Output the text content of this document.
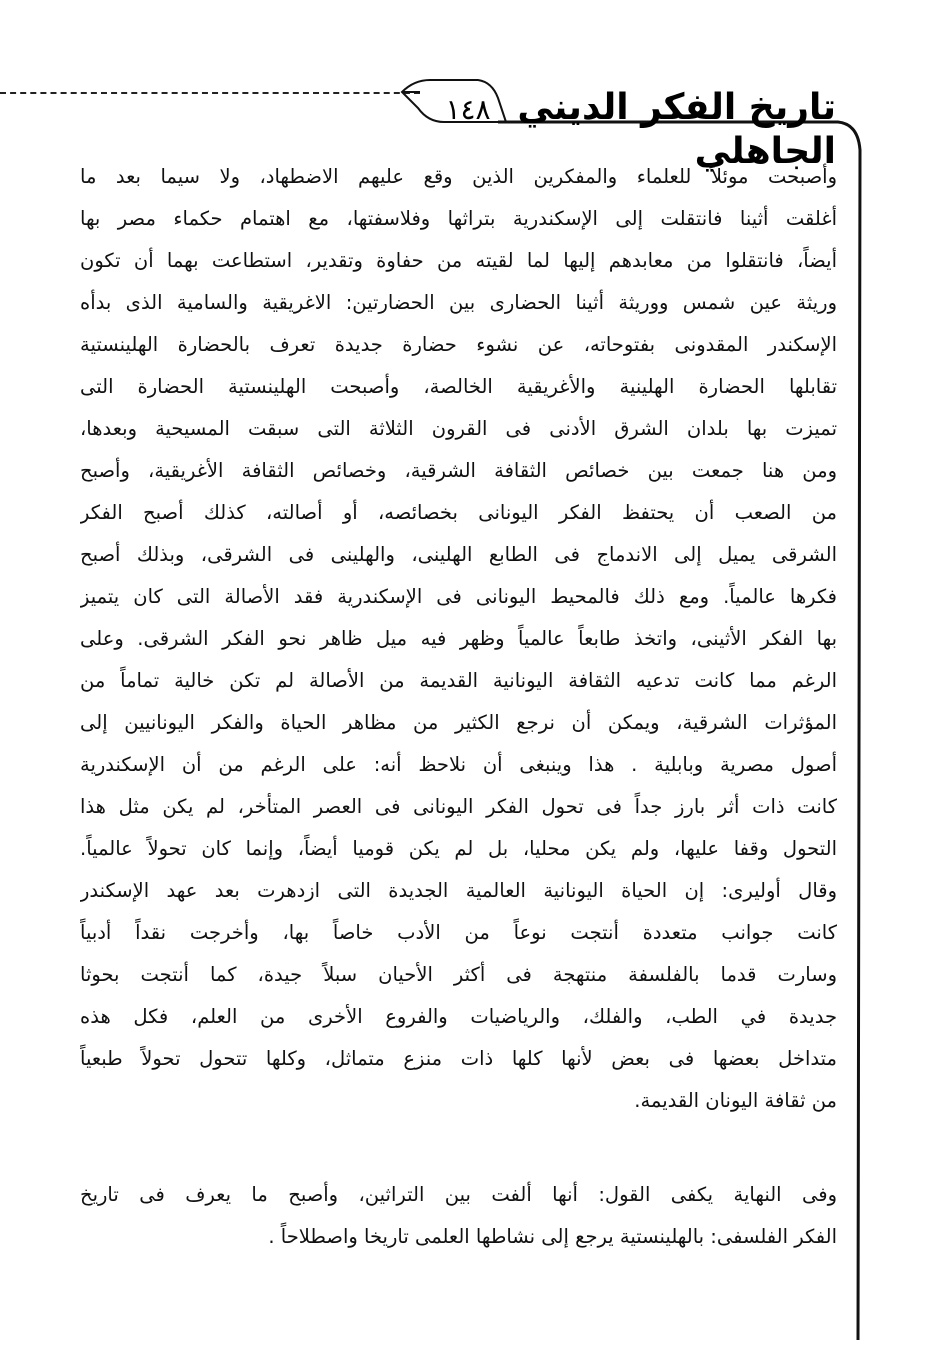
تاريخ الفكر الديني الجاهلي
١٤٨
وأصبحت موئلاً للعلماء والمفكرين الذين وقع عليهم الاضطهاد، ولا سيما بعد ما
أغلقت أثينا فانتقلت إلى الإسكندرية بتراثها وفلاسفتها، مع اهتمام حكماء مصر بها
أيضاً، فانتقلوا من معابدهم إليها لما لقيته من حفاوة وتقدير، استطاعت بهما أن تكون
وريثة عين شمس ووريثة أثينا الحضارى بين الحضارتين: الاغريقية والسامية الذى بدأه
الإسكندر المقدونى بفتوحاته، عن نشوء حضارة جديدة تعرف بالحضارة الهلينستية
تقابلها الحضارة الهلينية والأغريقية الخالصة، وأصبحت الهلينستية الحضارة التى
تميزت بها بلدان الشرق الأدنى فى القرون الثلاثة التى سبقت المسيحية وبعدها،
ومن هنا جمعت بين خصائص الثقافة الشرقية، وخصائص الثقافة الأغريقية، وأصبح
من الصعب أن يحتفظ الفكر اليونانى بخصائصه، أو أصالته، كذلك أصبح الفكر
الشرقى يميل إلى الاندماج فى الطابع الهلينى، والهلينى فى الشرقى، وبذلك أصبح
فكرها عالمياً. ومع ذلك فالمحيط اليونانى فى الإسكندرية فقد الأصالة التى كان يتميز
بها الفكر الأثينى، واتخذ طابعاً عالمياً وظهر فيه ميل ظاهر نحو الفكر الشرقى. وعلى
الرغم مما كانت تدعيه الثقافة اليونانية القديمة من الأصالة لم تكن خالية تماماً من
المؤثرات الشرقية، ويمكن أن نرجع الكثير من مظاهر الحياة والفكر اليونانيين إلى
أصول مصرية وبابلية . هذا وينبغى أن نلاحظ أنه: على الرغم من أن الإسكندرية
كانت ذات أثر بارز جداً فى تحول الفكر اليونانى فى العصر المتأخر، لم يكن مثل هذا
التحول وقفا عليها، ولم يكن محليا، بل لم يكن قوميا أيضاً، وإنما كان تحولاً عالمياً.
وقال أوليرى: إن الحياة اليونانية العالمية الجديدة التى ازدهرت بعد عهد الإسكندر
كانت جوانب متعددة أنتجت نوعاً من الأدب خاصاً بها، وأخرجت نقداً أدبياً
وسارت قدما بالفلسفة منتهجة فى أكثر الأحيان سبلاً جيدة، كما أنتجت بحوثا
جديدة في الطب، والفلك، والرياضيات والفروع الأخرى من العلم، فكل هذه
متداخل بعضها فى بعض لأنها كلها ذات منزع متماثل، وكلها تتحول تحولاً طبعياً
من ثقافة اليونان القديمة.
وفى النهاية يكفى القول: أنها ألفت بين التراثين، وأصبح ما يعرف فى تاريخ
الفكر الفلسفى: بالهلينستية يرجع إلى نشاطها العلمى تاريخا واصطلاحاً .
